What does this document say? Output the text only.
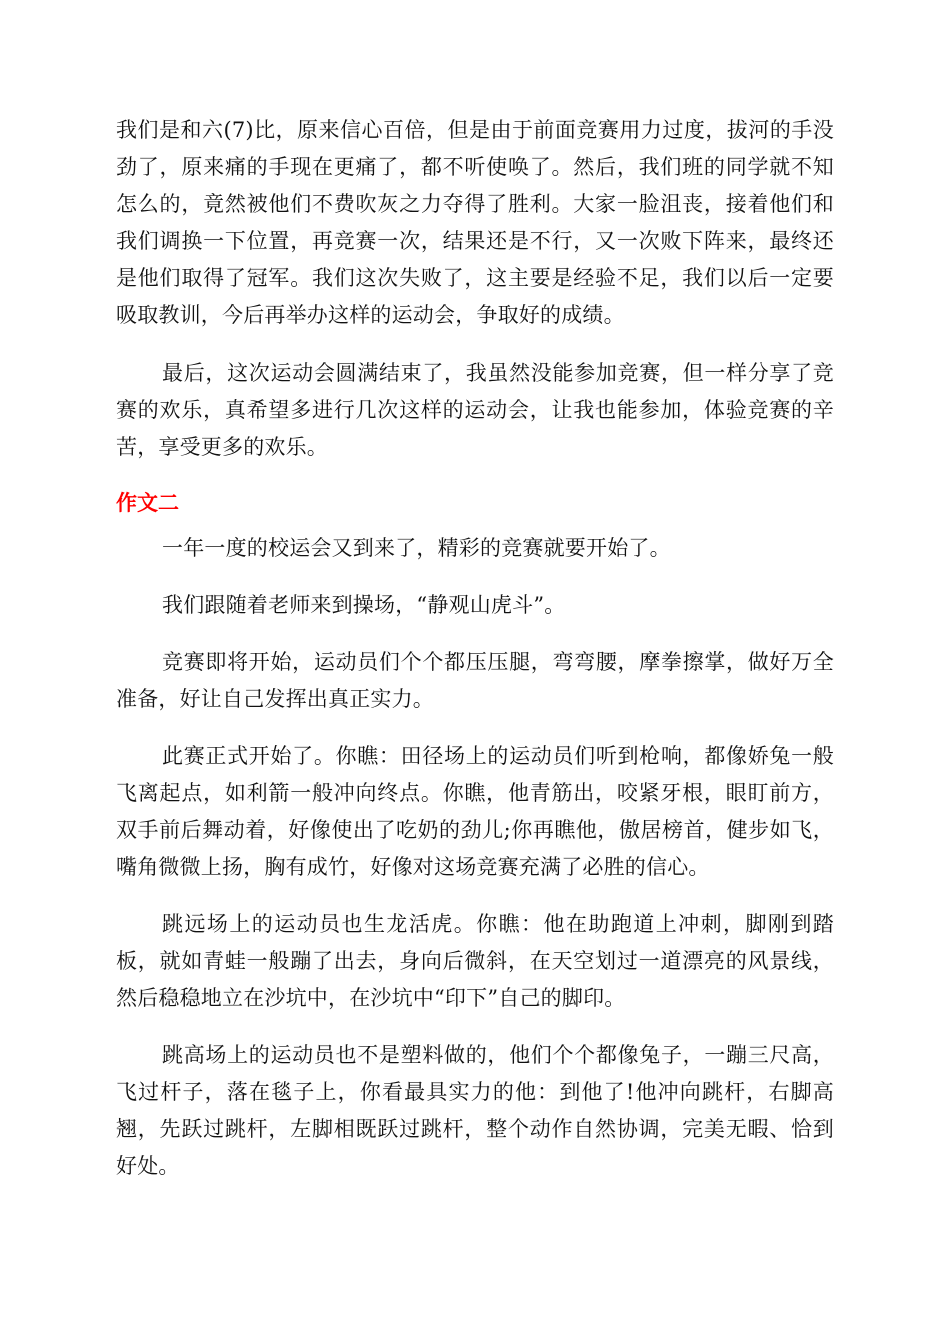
我们是和六(7)比，原来信心百倍，但是由于前面竞赛用力过度，拔河的手没劲了，原来痛的手现在更痛了，都不听使唤了。然后，我们班的同学就不知怎么的，竟然被他们不费吹灰之力夺得了胜利。大家一脸沮丧，接着他们和我们调换一下位置，再竞赛一次，结果还是不行，又一次败下阵来，最终还是他们取得了冠军。我们这次失败了，这主要是经验不足，我们以后一定要吸取教训，今后再举办这样的运动会，争取好的成绩。

最后，这次运动会圆满结束了，我虽然没能参加竞赛，但一样分享了竞赛的欢乐，真希望多进行几次这样的运动会，让我也能参加，体验竞赛的辛苦，享受更多的欢乐。

作文二

一年一度的校运会又到来了，精彩的竞赛就要开始了。

我们跟随着老师来到操场，“静观山虎斗”。

竞赛即将开始，运动员们个个都压压腿，弯弯腰，摩拳擦掌，做好万全准备，好让自己发挥出真正实力。

此赛正式开始了。你瞧：田径场上的运动员们听到枪响，都像娇兔一般飞离起点，如利箭一般冲向终点。你瞧，他青筋出，咬紧牙根，眼盯前方，双手前后舞动着，好像使出了吃奶的劲儿;你再瞧他，傲居榜首，健步如飞，嘴角微微上扬，胸有成竹，好像对这场竞赛充满了必胜的信心。

跳远场上的运动员也生龙活虎。你瞧：他在助跑道上冲刺，脚刚到踏板，就如青蛙一般蹦了出去，身向后微斜，在天空划过一道漂亮的风景线，然后稳稳地立在沙坑中，在沙坑中“印下”自己的脚印。

跳高场上的运动员也不是塑料做的，他们个个都像兔子，一蹦三尺高，飞过杆子，落在毯子上，你看最具实力的他：到他了!他冲向跳杆，右脚高翘，先跃过跳杆，左脚相既跃过跳杆，整个动作自然协调，完美无暇、恰到好处。
